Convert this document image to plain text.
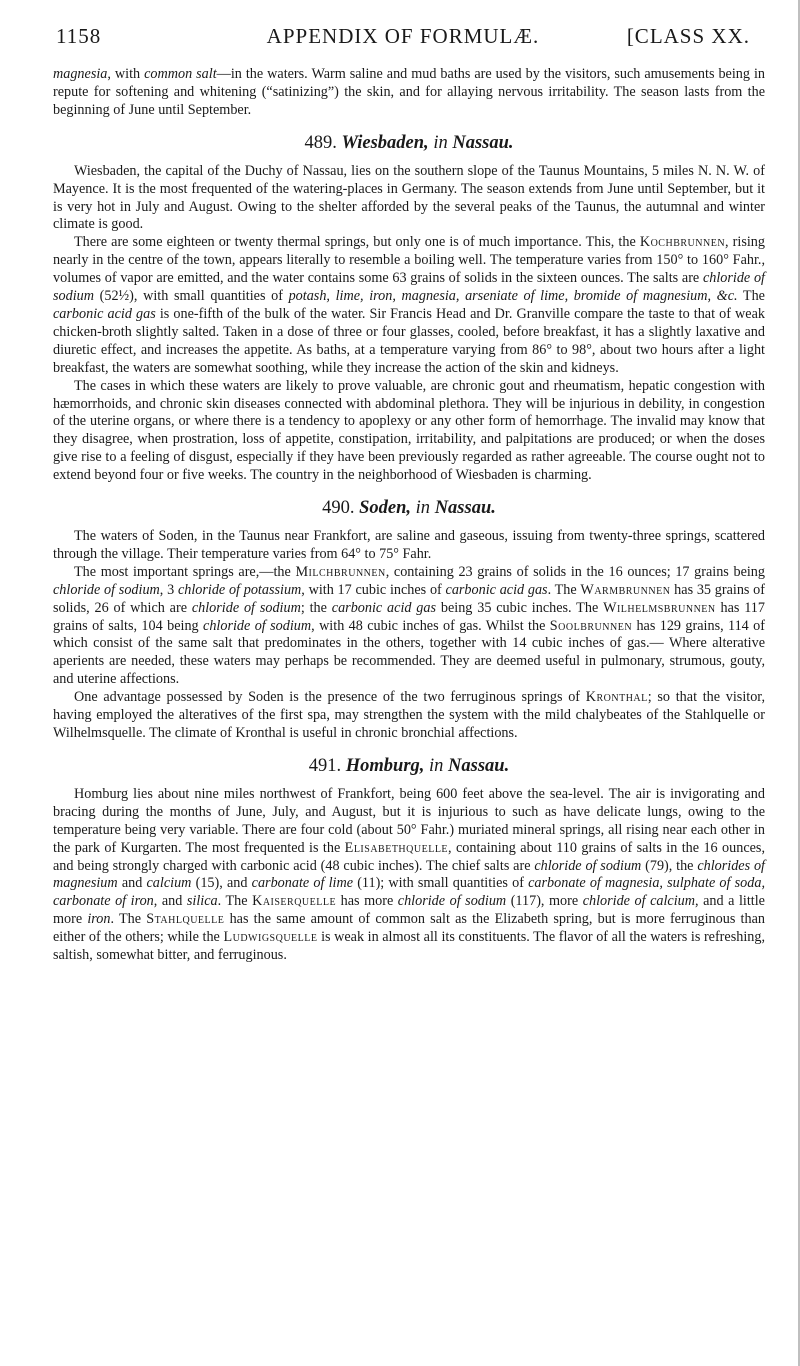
1158	APPENDIX OF FORMULÆ.	[CLASS XX.

magnesia, with common salt—in the waters. Warm saline and mud baths are used by the visitors, such amusements being in repute for softening and whitening (“satinizing”) the skin, and for allaying nervous irritability. The season lasts from the beginning of June until September.

489. Wiesbaden, in Nassau.

Wiesbaden, the capital of the Duchy of Nassau, lies on the southern slope of the Taunus Mountains, 5 miles N. N. W. of Mayence. It is the most frequented of the watering-places in Germany. The season extends from June until September, but it is very hot in July and August. Owing to the shelter afforded by the several peaks of the Taunus, the autumnal and winter climate is good.

There are some eighteen or twenty thermal springs, but only one is of much importance. This, the Kochbrunnen, rising nearly in the centre of the town, appears literally to resemble a boiling well. The temperature varies from 150° to 160° Fahr., volumes of vapor are emitted, and the water contains some 63 grains of solids in the sixteen ounces. The salts are chloride of sodium (52½), with small quantities of potash, lime, iron, magnesia, arseniate of lime, bromide of magnesium, &c. The carbonic acid gas is one-fifth of the bulk of the water. Sir Francis Head and Dr. Granville compare the taste to that of weak chicken-broth slightly salted. Taken in a dose of three or four glasses, cooled, before breakfast, it has a slightly laxative and diuretic effect, and increases the appetite. As baths, at a temperature varying from 86° to 98°, about two hours after a light breakfast, the waters are somewhat soothing, while they increase the action of the skin and kidneys.

The cases in which these waters are likely to prove valuable, are chronic gout and rheumatism, hepatic congestion with hæmorrhoids, and chronic skin diseases connected with abdominal plethora. They will be injurious in debility, in congestion of the uterine organs, or where there is a tendency to apoplexy or any other form of hemorrhage. The invalid may know that they disagree, when prostration, loss of appetite, constipation, irritability, and palpitations are produced; or when the doses give rise to a feeling of disgust, especially if they have been previously regarded as rather agreeable. The course ought not to extend beyond four or five weeks. The country in the neighborhood of Wiesbaden is charming.

490. Soden, in Nassau.

The waters of Soden, in the Taunus near Frankfort, are saline and gaseous, issuing from twenty-three springs, scattered through the village. Their temperature varies from 64° to 75° Fahr.

The most important springs are,—the Milchbrunnen, containing 23 grains of solids in the 16 ounces; 17 grains being chloride of sodium, 3 chloride of potassium, with 17 cubic inches of carbonic acid gas. The Warmbrunnen has 35 grains of solids, 26 of which are chloride of sodium; the carbonic acid gas being 35 cubic inches. The Wilhelmsbrunnen has 117 grains of salts, 104 being chloride of sodium, with 48 cubic inches of gas. Whilst the Soolbrunnen has 129 grains, 114 of which consist of the same salt that predominates in the others, together with 14 cubic inches of gas.— Where alterative aperients are needed, these waters may perhaps be recommended. They are deemed useful in pulmonary, strumous, gouty, and uterine affections.

One advantage possessed by Soden is the presence of the two ferruginous springs of Kronthal; so that the visitor, having employed the alteratives of the first spa, may strengthen the system with the mild chalybeates of the Stahlquelle or Wilhelmsquelle. The climate of Kronthal is useful in chronic bronchial affections.

491. Homburg, in Nassau.

Homburg lies about nine miles northwest of Frankfort, being 600 feet above the sea-level. The air is invigorating and bracing during the months of June, July, and August, but it is injurious to such as have delicate lungs, owing to the temperature being very variable. There are four cold (about 50° Fahr.) muriated mineral springs, all rising near each other in the park of Kurgarten. The most frequented is the Elisabethquelle, containing about 110 grains of salts in the 16 ounces, and being strongly charged with carbonic acid (48 cubic inches). The chief salts are chloride of sodium (79), the chlorides of magnesium and calcium (15), and carbonate of lime (11); with small quantities of carbonate of magnesia, sulphate of soda, carbonate of iron, and silica. The Kaiserquelle has more chloride of sodium (117), more chloride of calcium, and a little more iron. The Stahlquelle has the same amount of common salt as the Elizabeth spring, but is more ferruginous than either of the others; while the Ludwigsquelle is weak in almost all its constituents. The flavor of all the waters is refreshing, saltish, somewhat bitter, and ferruginous.
